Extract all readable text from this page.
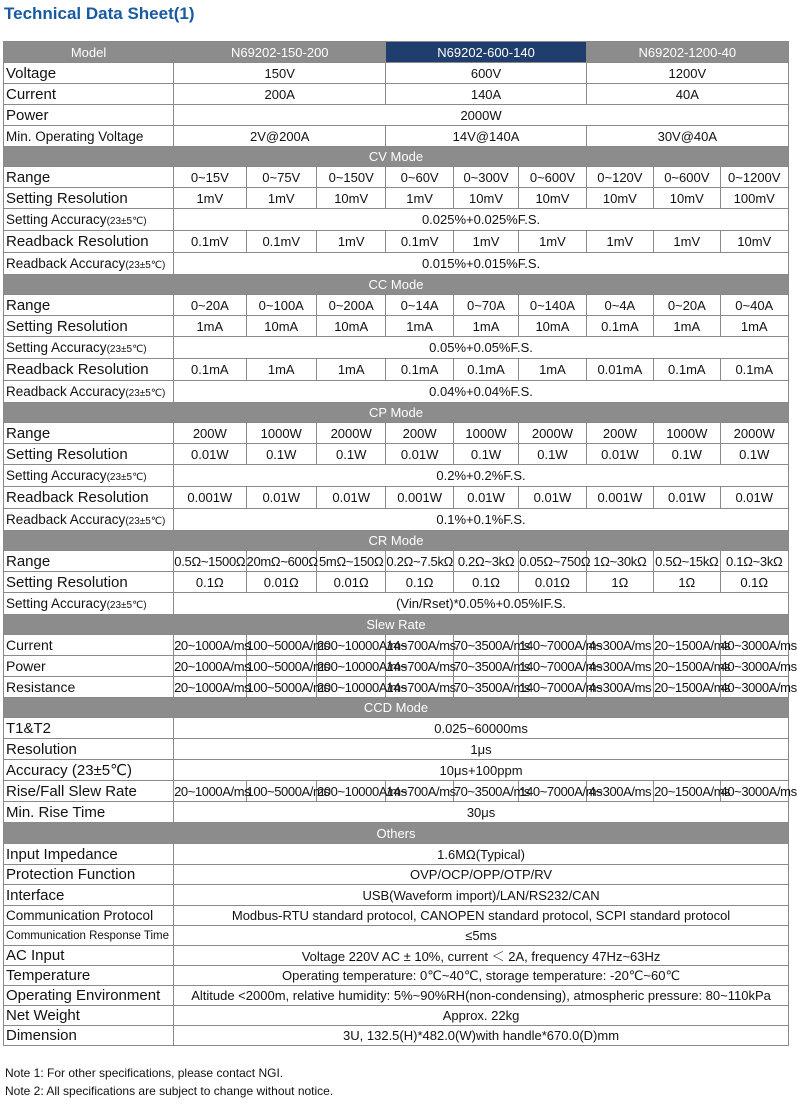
Technical Data Sheet(1)
Model	N69202-150-200			N69202-600-140			N69202-1200-40		
Voltage	150V			600V			1200V		
Current	200A			140A			40A		
Power	2000W								
Min. Operating Voltage	2V@200A			14V@140A			30V@40A		
CV Mode									
Range	0~15V	0~75V	0~150V	0~60V	0~300V	0~600V	0~120V	0~600V	0~1200V
Setting Resolution	1mV	1mV	10mV	1mV	10mV	10mV	10mV	10mV	100mV
Setting Accuracy(23±5℃)	0.025%+0.025%F.S.								
Readback Resolution	0.1mV	0.1mV	1mV	0.1mV	1mV	1mV	1mV	1mV	10mV
Readback Accuracy(23±5℃)	0.015%+0.015%F.S.								
CC Mode									
Range	0~20A	0~100A	0~200A	0~14A	0~70A	0~140A	0~4A	0~20A	0~40A
Setting Resolution	1mA	10mA	10mA	1mA	1mA	10mA	0.1mA	1mA	1mA
Setting Accuracy(23±5℃)	0.05%+0.05%F.S.								
Readback Resolution	0.1mA	1mA	1mA	0.1mA	0.1mA	1mA	0.01mA	0.1mA	0.1mA
Readback Accuracy(23±5℃)	0.04%+0.04%F.S.								
CP Mode									
Range	200W	1000W	2000W	200W	1000W	2000W	200W	1000W	2000W
Setting Resolution	0.01W	0.1W	0.1W	0.01W	0.1W	0.1W	0.01W	0.1W	0.1W
Setting Accuracy(23±5℃)	0.2%+0.2%F.S.								
Readback Resolution	0.001W	0.01W	0.01W	0.001W	0.01W	0.01W	0.001W	0.01W	0.01W
Readback Accuracy(23±5℃)	0.1%+0.1%F.S.								
CR Mode									
Range	0.5Ω~1500Ω	20mΩ~600Ω	5mΩ~150Ω	0.2Ω~7.5kΩ	0.2Ω~3kΩ	0.05Ω~750Ω	1Ω~30kΩ	0.5Ω~15kΩ	0.1Ω~3kΩ
Setting Resolution	0.1Ω	0.01Ω	0.01Ω	0.1Ω	0.1Ω	0.01Ω	1Ω	1Ω	0.1Ω
Setting Accuracy(23±5℃)	(Vin/Rset)*0.05%+0.05%IF.S.								
Slew Rate									
Current	20~1000A/ms	100~5000A/ms	200~10000A/ms	14~700A/ms	70~3500A/ms	140~7000A/ms	4~300A/ms	20~1500A/ms	40~3000A/ms
Power	20~1000A/ms	100~5000A/ms	200~10000A/ms	14~700A/ms	70~3500A/ms	140~7000A/ms	4~300A/ms	20~1500A/ms	40~3000A/ms
Resistance	20~1000A/ms	100~5000A/ms	200~10000A/ms	14~700A/ms	70~3500A/ms	140~7000A/ms	4~300A/ms	20~1500A/ms	40~3000A/ms
CCD Mode									
T1&T2	0.025~60000ms								
Resolution	1μs								
Accuracy (23±5℃)	10μs+100ppm								
Rise/Fall Slew Rate	20~1000A/ms	100~5000A/ms	200~10000A/ms	14~700A/ms	70~3500A/ms	140~7000A/ms	4~300A/ms	20~1500A/ms	40~3000A/ms
Min. Rise Time	30μs								
Others									
Input Impedance	1.6MΩ(Typical)								
Protection Function	OVP/OCP/OPP/OTP/RV								
Interface	USB(Waveform import)/LAN/RS232/CAN								
Communication Protocol	Modbus-RTU standard protocol, CANOPEN standard protocol, SCPI standard protocol								
Communication Response Time	≤5ms								
AC Input	Voltage 220V AC ± 10%, current ＜ 2A, frequency 47Hz~63Hz								
Temperature	Operating temperature: 0℃~40℃, storage temperature: -20℃~60℃								
Operating Environment	Altitude <2000m, relative humidity: 5%~90%RH(non-condensing), atmospheric pressure: 80~110kPa								
Net Weight	Approx. 22kg								
Dimension	3U, 132.5(H)*482.0(W)with handle*670.0(D)mm								
Note 1: For other specifications, please contact NGI.
Note 2: All specifications are subject to change without notice.
